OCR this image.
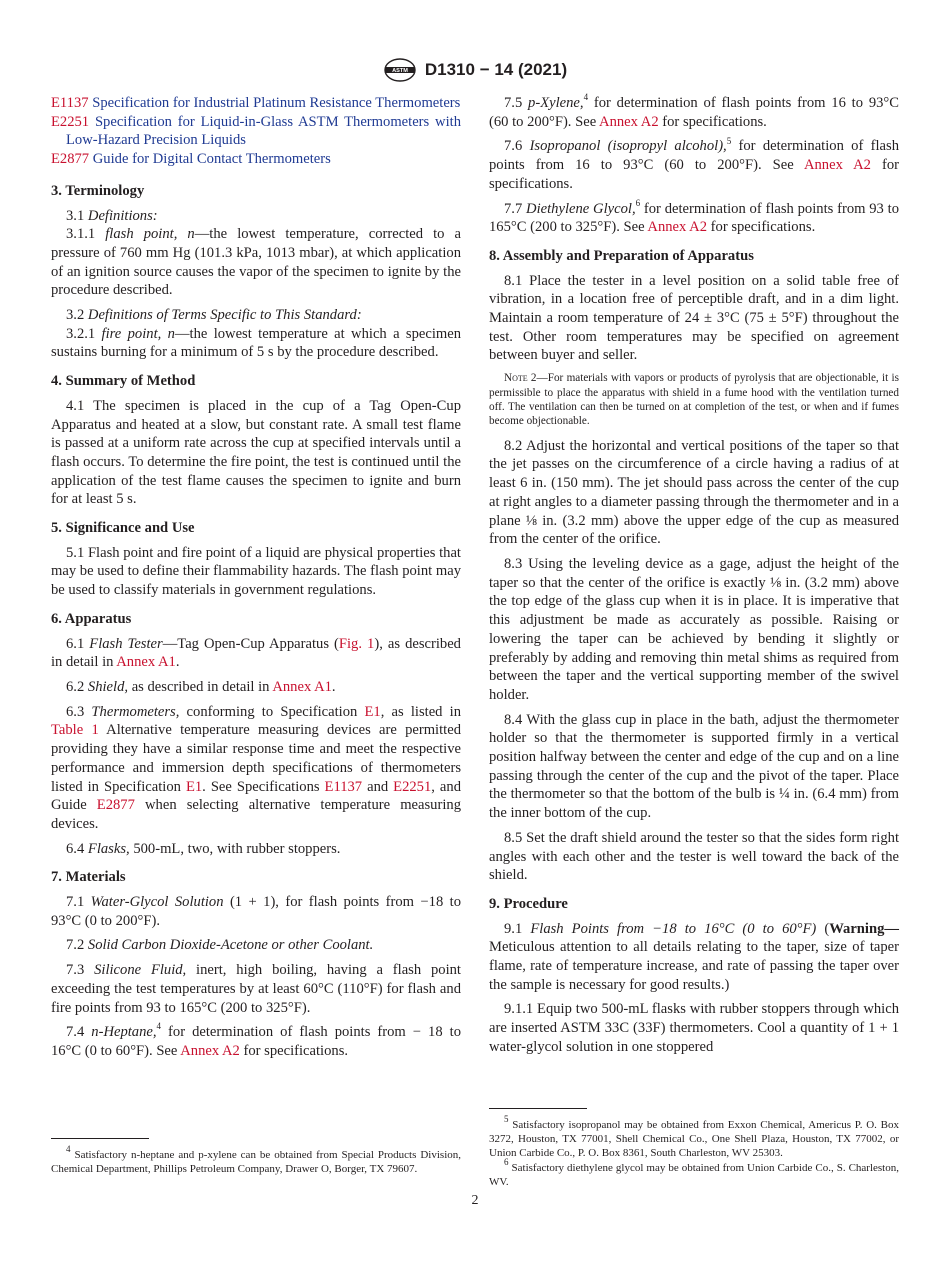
ASTM D1310 − 14 (2021)

E1137 Specification for Industrial Platinum Resistance Thermometers

E2251 Specification for Liquid-in-Glass ASTM Thermometers with Low-Hazard Precision Liquids

E2877 Guide for Digital Contact Thermometers

3. Terminology

3.1 Definitions:

3.1.1 flash point, n—the lowest temperature, corrected to a pressure of 760 mm Hg (101.3 kPa, 1013 mbar), at which application of an ignition source causes the vapor of the specimen to ignite by the procedure described.

3.2 Definitions of Terms Specific to This Standard:

3.2.1 fire point, n—the lowest temperature at which a specimen sustains burning for a minimum of 5 s by the procedure described.

4. Summary of Method

4.1 The specimen is placed in the cup of a Tag Open-Cup Apparatus and heated at a slow, but constant rate. A small test flame is passed at a uniform rate across the cup at specified intervals until a flash occurs. To determine the fire point, the test is continued until the application of the test flame causes the specimen to ignite and burn for at least 5 s.

5. Significance and Use

5.1 Flash point and fire point of a liquid are physical properties that may be used to define their flammability hazards. The flash point may be used to classify materials in government regulations.

6. Apparatus

6.1 Flash Tester—Tag Open-Cup Apparatus (Fig. 1), as described in detail in Annex A1.

6.2 Shield, as described in detail in Annex A1.

6.3 Thermometers, conforming to Specification E1, as listed in Table 1 Alternative temperature measuring devices are permitted providing they have a similar response time and meet the respective performance and immersion depth specifications of thermometers listed in Specification E1. See Specifications E1137 and E2251, and Guide E2877 when selecting alternative temperature measuring devices.

6.4 Flasks, 500-mL, two, with rubber stoppers.

7. Materials

7.1 Water-Glycol Solution (1 + 1), for flash points from −18 to 93°C (0 to 200°F).

7.2 Solid Carbon Dioxide-Acetone or other Coolant.

7.3 Silicone Fluid, inert, high boiling, having a flash point exceeding the test temperatures by at least 60°C (110°F) for flash and fire points from 93 to 165°C (200 to 325°F).

7.4 n-Heptane,$^4$ for determination of flash points from − 18 to 16°C (0 to 60°F). See Annex A2 for specifications.

$^4$ Satisfactory n-heptane and p-xylene can be obtained from Special Products Division, Chemical Department, Phillips Petroleum Company, Drawer O, Borger, TX 79607.

7.5 p-Xylene,$^4$ for determination of flash points from 16 to 93°C (60 to 200°F). See Annex A2 for specifications.

7.6 Isopropanol (isopropyl alcohol),$^5$ for determination of flash points from 16 to 93°C (60 to 200°F). See Annex A2 for specifications.

7.7 Diethylene Glycol,$^6$ for determination of flash points from 93 to 165°C (200 to 325°F). See Annex A2 for specifications.

8. Assembly and Preparation of Apparatus

8.1 Place the tester in a level position on a solid table free of vibration, in a location free of perceptible draft, and in a dim light. Maintain a room temperature of 24 ± 3°C (75 ± 5°F) throughout the test. Other room temperatures may be specified on agreement between buyer and seller.

Note 2—For materials with vapors or products of pyrolysis that are objectionable, it is permissible to place the apparatus with shield in a fume hood with the ventilation turned off. The ventilation can then be turned on at completion of the test, or when and if fumes become objectionable.

8.2 Adjust the horizontal and vertical positions of the taper so that the jet passes on the circumference of a circle having a radius of at least 6 in. (150 mm). The jet should pass across the center of the cup at right angles to a diameter passing through the thermometer and in a plane ⅛ in. (3.2 mm) above the upper edge of the cup as measured from the center of the orifice.

8.3 Using the leveling device as a gage, adjust the height of the taper so that the center of the orifice is exactly ⅛ in. (3.2 mm) above the top edge of the glass cup when it is in place. It is imperative that this adjustment be made as accurately as possible. Raising or lowering the taper can be achieved by bending it slightly or preferably by adding and removing thin metal shims as required from between the taper and the vertical supporting member of the swivel holder.

8.4 With the glass cup in place in the bath, adjust the thermometer holder so that the thermometer is supported firmly in a vertical position halfway between the center and edge of the cup and on a line passing through the center of the cup and the pivot of the taper. Place the thermometer so that the bottom of the bulb is ¼ in. (6.4 mm) from the inner bottom of the cup.

8.5 Set the draft shield around the tester so that the sides form right angles with each other and the tester is well toward the back of the shield.

9. Procedure

9.1 Flash Points from −18 to 16°C (0 to 60°F) (Warning—Meticulous attention to all details relating to the taper, size of taper flame, rate of temperature increase, and rate of passing the taper over the sample is necessary for good results.)

9.1.1 Equip two 500-mL flasks with rubber stoppers through which are inserted ASTM 33C (33F) thermometers. Cool a quantity of 1 + 1 water-glycol solution in one stoppered

$^5$ Satisfactory isopropanol may be obtained from Exxon Chemical, Americus P. O. Box 3272, Houston, TX 77001, Shell Chemical Co., One Shell Plaza, Houston, TX 77002, or Union Carbide Co., P. O. Box 8361, South Charleston, WV 25303.

$^6$ Satisfactory diethylene glycol may be obtained from Union Carbide Co., S. Charleston, WV.

2
